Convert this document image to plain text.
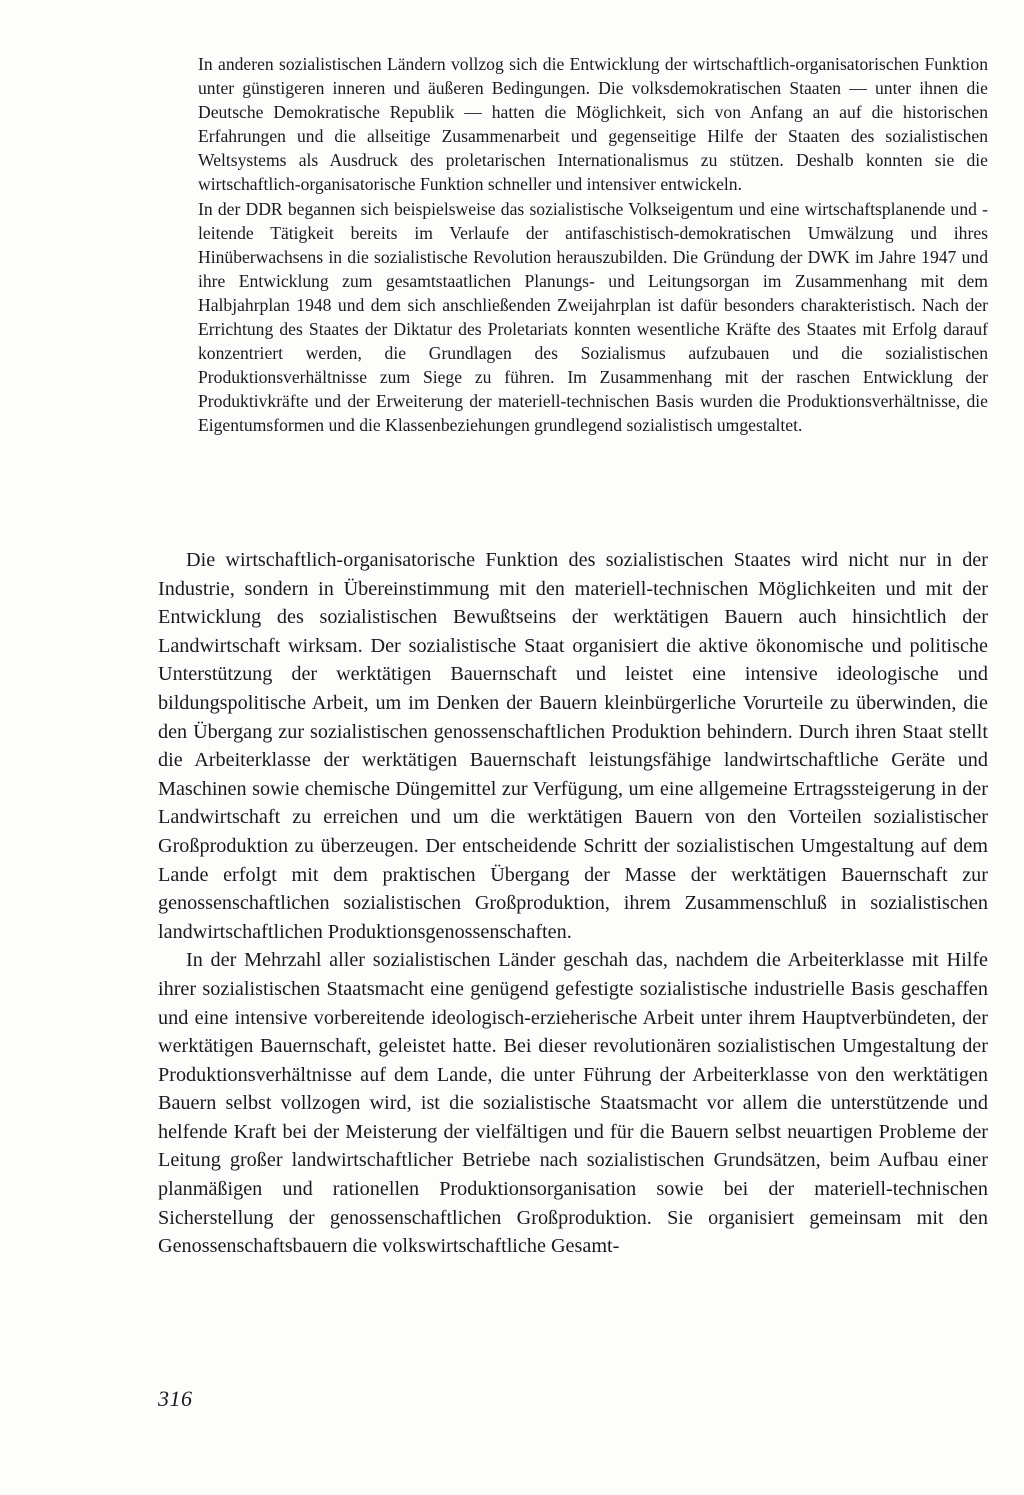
In anderen sozialistischen Ländern vollzog sich die Entwicklung der wirtschaftlich-organisatorischen Funktion unter günstigeren inneren und äußeren Bedingungen. Die volksdemokratischen Staaten — unter ihnen die Deutsche Demokratische Republik — hatten die Möglichkeit, sich von Anfang an auf die historischen Erfahrungen und die allseitige Zusammenarbeit und gegenseitige Hilfe der Staaten des sozialistischen Weltsystems als Ausdruck des proletarischen Internationalismus zu stützen. Deshalb konnten sie die wirtschaftlich-organisatorische Funktion schneller und intensiver entwickeln.

In der DDR begannen sich beispielsweise das sozialistische Volkseigentum und eine wirtschaftsplanende und -leitende Tätigkeit bereits im Verlaufe der antifaschistisch-demokratischen Umwälzung und ihres Hinüberwachsens in die sozialistische Revolution herauszubilden. Die Gründung der DWK im Jahre 1947 und ihre Entwicklung zum gesamtstaatlichen Planungs- und Leitungsorgan im Zusammenhang mit dem Halbjahrplan 1948 und dem sich anschließenden Zweijahrplan ist dafür besonders charakteristisch. Nach der Errichtung des Staates der Diktatur des Proletariats konnten wesentliche Kräfte des Staates mit Erfolg darauf konzentriert werden, die Grundlagen des Sozialismus aufzubauen und die sozialistischen Produktionsverhältnisse zum Siege zu führen. Im Zusammenhang mit der raschen Entwicklung der Produktivkräfte und der Erweiterung der materiell-technischen Basis wurden die Produktionsverhältnisse, die Eigentumsformen und die Klassenbeziehungen grundlegend sozialistisch umgestaltet.

Die wirtschaftlich-organisatorische Funktion des sozialistischen Staates wird nicht nur in der Industrie, sondern in Übereinstimmung mit den materiell-technischen Möglichkeiten und mit der Entwicklung des sozialistischen Bewußtseins der werktätigen Bauern auch hinsichtlich der Landwirtschaft wirksam. Der sozialistische Staat organisiert die aktive ökonomische und politische Unterstützung der werktätigen Bauernschaft und leistet eine intensive ideologische und bildungspolitische Arbeit, um im Denken der Bauern kleinbürgerliche Vorurteile zu überwinden, die den Übergang zur sozialistischen genossenschaftlichen Produktion behindern. Durch ihren Staat stellt die Arbeiterklasse der werktätigen Bauernschaft leistungsfähige landwirtschaftliche Geräte und Maschinen sowie chemische Düngemittel zur Verfügung, um eine allgemeine Ertragssteigerung in der Landwirtschaft zu erreichen und um die werktätigen Bauern von den Vorteilen sozialistischer Großproduktion zu überzeugen. Der entscheidende Schritt der sozialistischen Umgestaltung auf dem Lande erfolgt mit dem praktischen Übergang der Masse der werktätigen Bauernschaft zur genossenschaftlichen sozialistischen Großproduktion, ihrem Zusammenschluß in sozialistischen landwirtschaftlichen Produktionsgenossenschaften.

In der Mehrzahl aller sozialistischen Länder geschah das, nachdem die Arbeiterklasse mit Hilfe ihrer sozialistischen Staatsmacht eine genügend gefestigte sozialistische industrielle Basis geschaffen und eine intensive vorbereitende ideologisch-erzieherische Arbeit unter ihrem Hauptverbündeten, der werktätigen Bauernschaft, geleistet hatte. Bei dieser revolutionären sozialistischen Umgestaltung der Produktionsverhältnisse auf dem Lande, die unter Führung der Arbeiterklasse von den werktätigen Bauern selbst vollzogen wird, ist die sozialistische Staatsmacht vor allem die unterstützende und helfende Kraft bei der Meisterung der vielfältigen und für die Bauern selbst neuartigen Probleme der Leitung großer landwirtschaftlicher Betriebe nach sozialistischen Grundsätzen, beim Aufbau einer planmäßigen und rationellen Produktionsorganisation sowie bei der materiell-technischen Sicherstellung der genossenschaftlichen Großproduktion. Sie organisiert gemeinsam mit den Genossenschaftsbauern die volkswirtschaftliche Gesamt-

316
